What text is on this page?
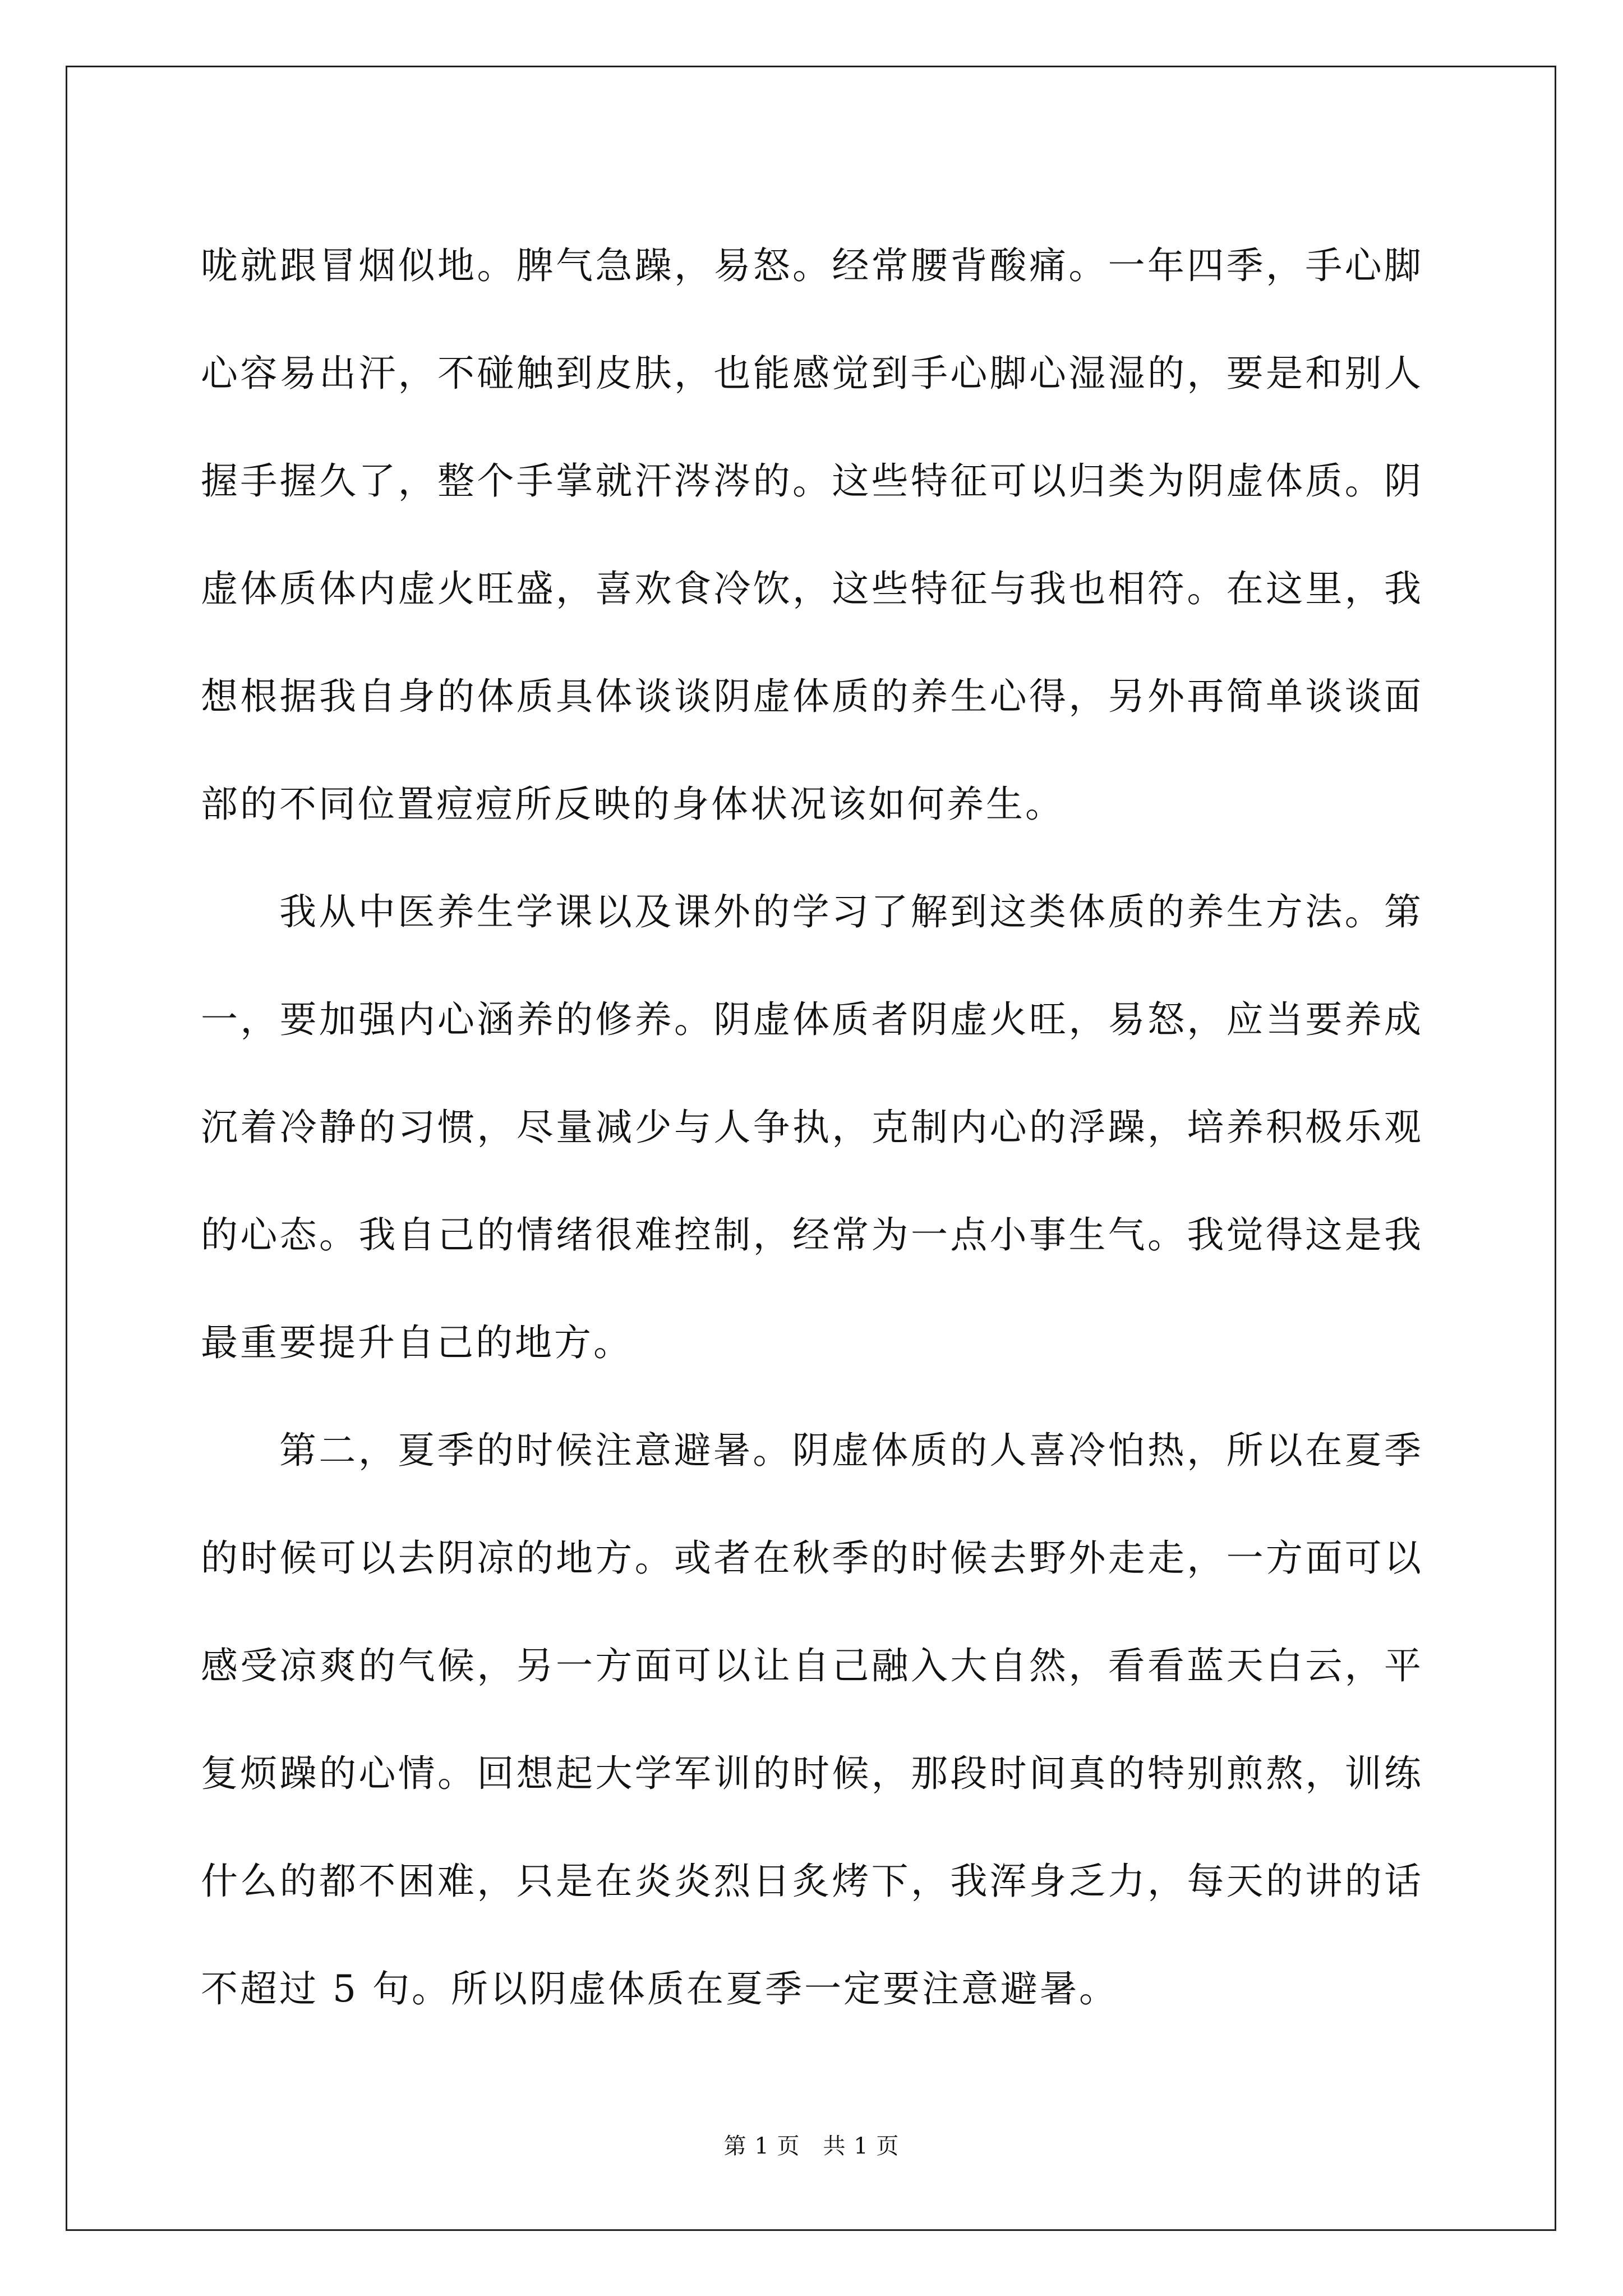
咙就跟冒烟似地。脾气急躁，易怒。经常腰背酸痛。一年四季，手心脚心容易出汗，不碰触到皮肤，也能感觉到手心脚心湿湿的，要是和别人握手握久了，整个手掌就汗涔涔的。这些特征可以归类为阴虚体质。阴虚体质体内虚火旺盛，喜欢食冷饮，这些特征与我也相符。在这里，我想根据我自身的体质具体谈谈阴虚体质的养生心得，另外再简单谈谈面部的不同位置痘痘所反映的身体状况该如何养生。

我从中医养生学课以及课外的学习了解到这类体质的养生方法。第一，要加强内心涵养的修养。阴虚体质者阴虚火旺，易怒，应当要养成沉着冷静的习惯，尽量减少与人争执，克制内心的浮躁，培养积极乐观的心态。我自己的情绪很难控制，经常为一点小事生气。我觉得这是我最重要提升自己的地方。

第二，夏季的时候注意避暑。阴虚体质的人喜冷怕热，所以在夏季的时候可以去阴凉的地方。或者在秋季的时候去野外走走，一方面可以感受凉爽的气候，另一方面可以让自己融入大自然，看看蓝天白云，平复烦躁的心情。回想起大学军训的时候，那段时间真的特别煎熬，训练什么的都不困难，只是在炎炎烈日炙烤下，我浑身乏力，每天的讲的话不超过 5 句。所以阴虚体质在夏季一定要注意避暑。

第 1 页　共 1 页
